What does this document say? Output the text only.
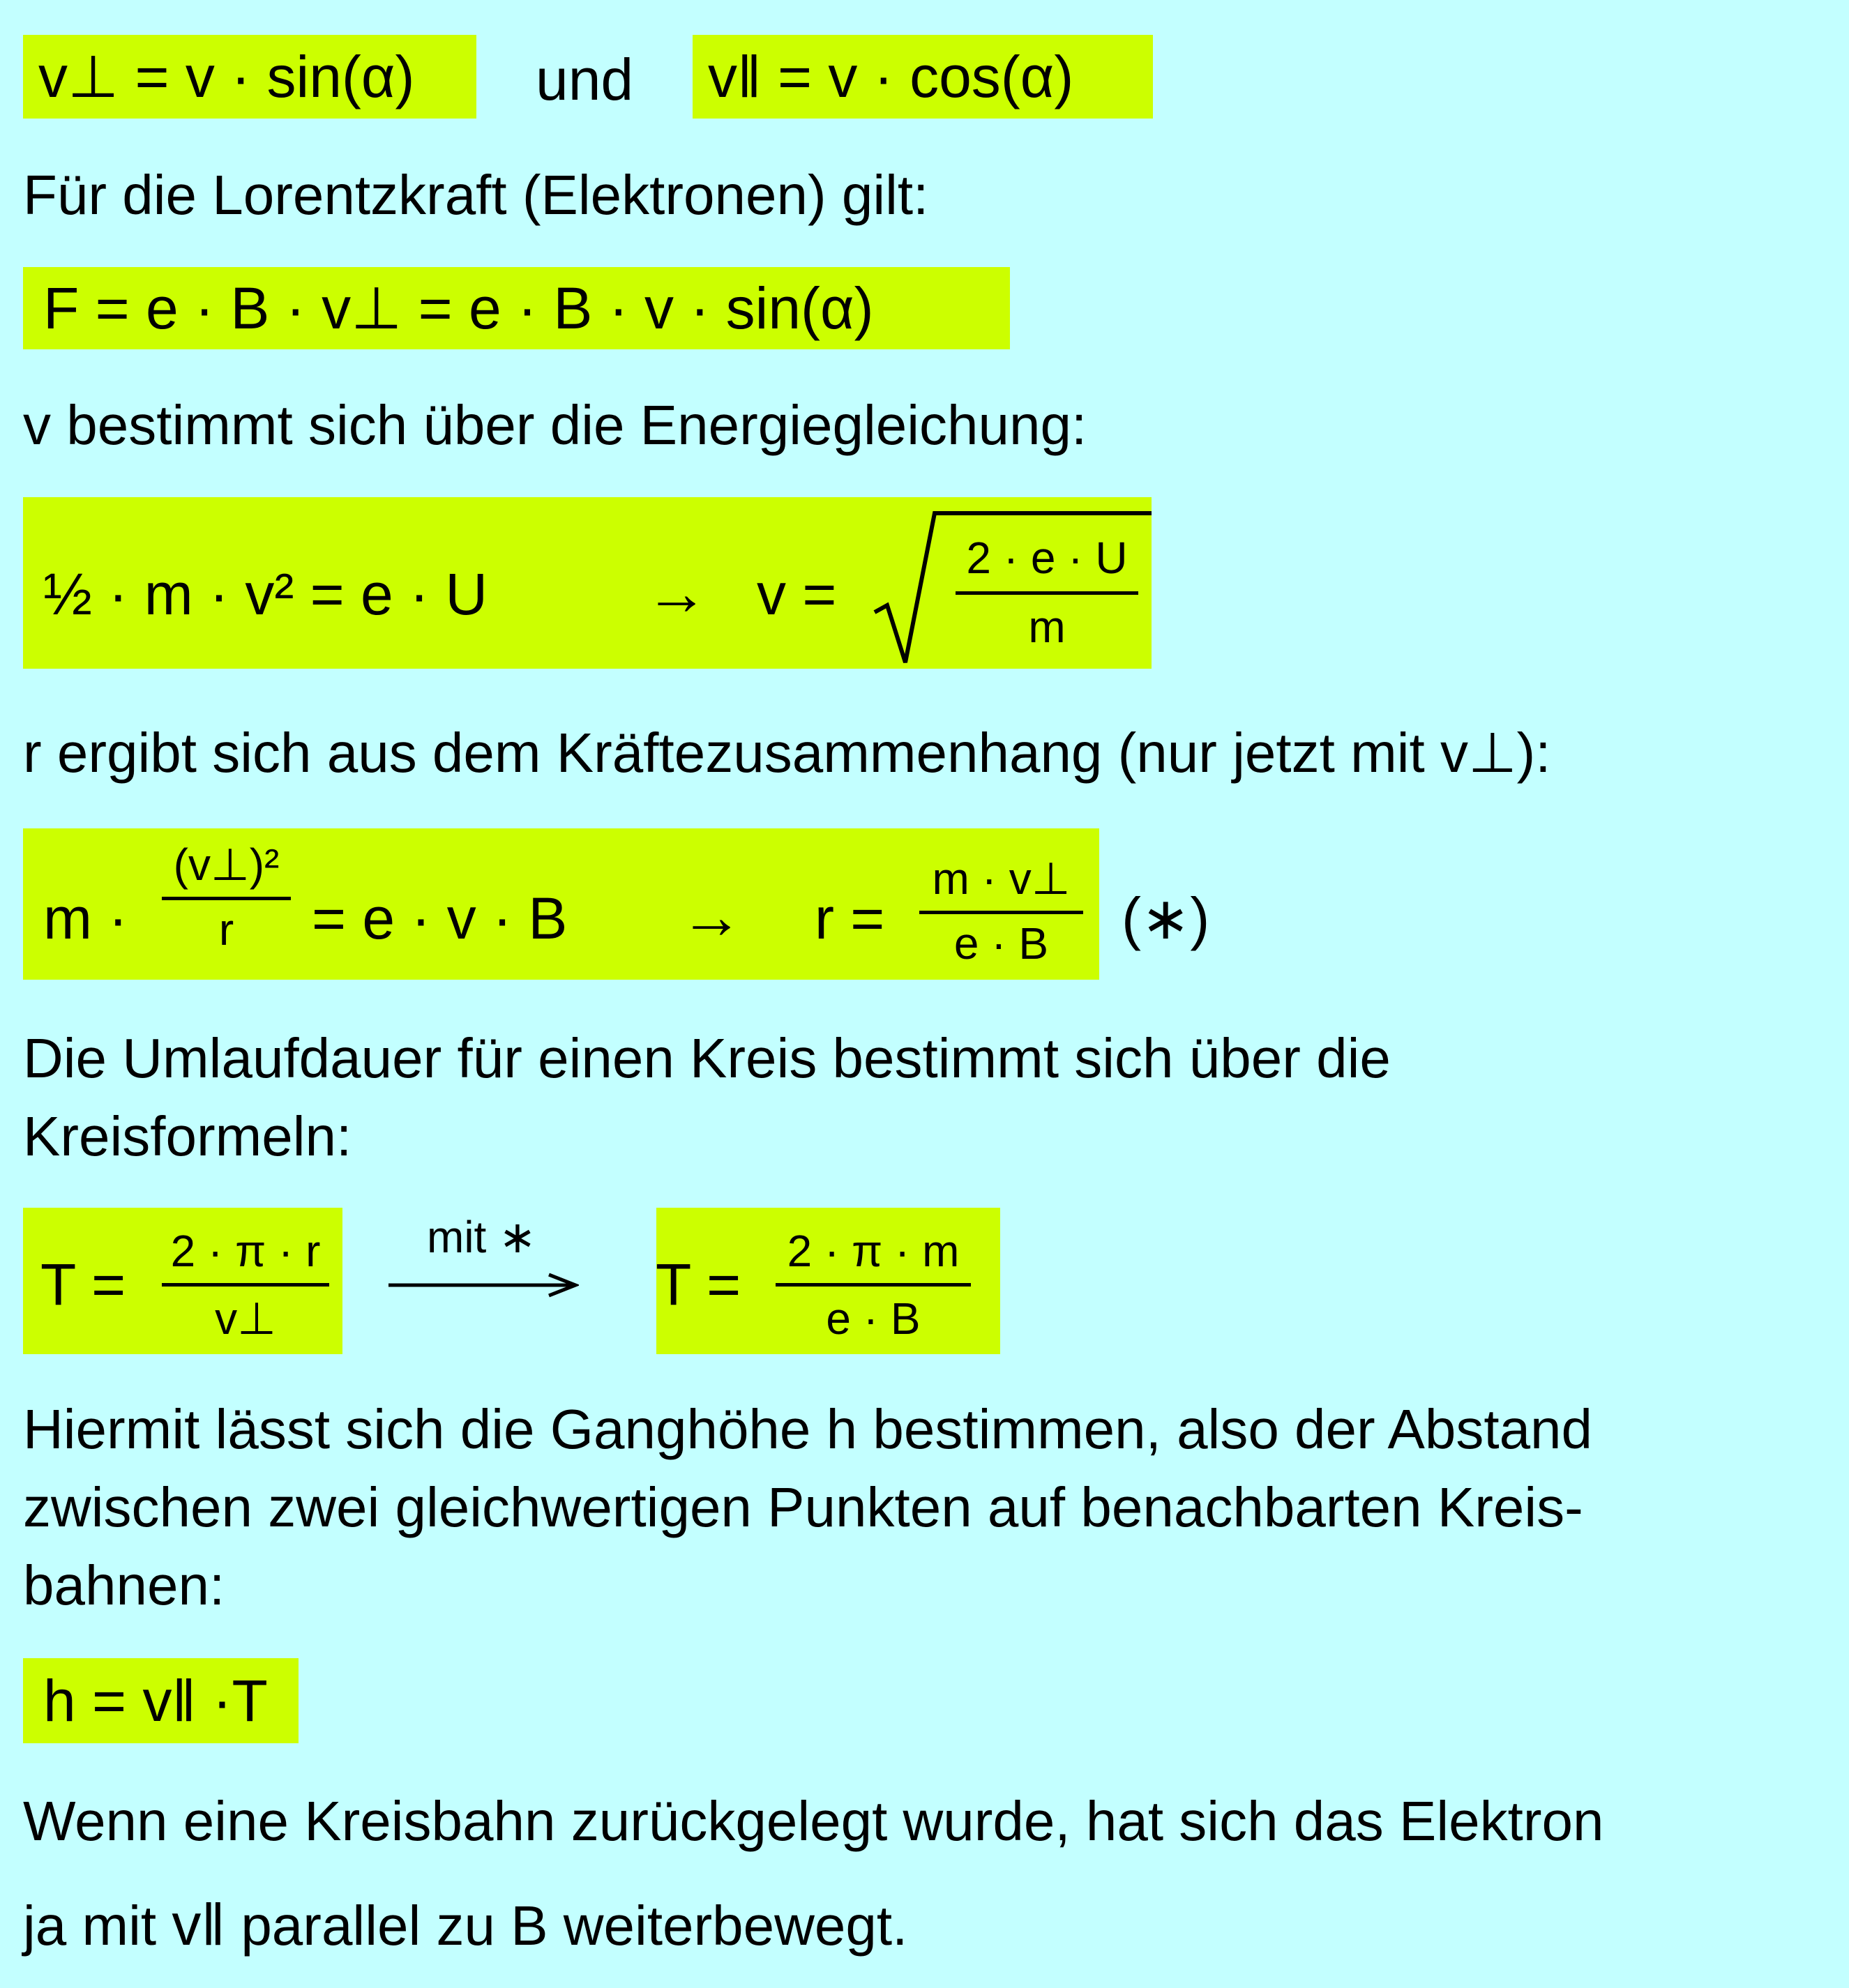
v⊥ = v · sin(α) und v‖ = v · cos(α)
Für die Lorentzkraft (Elektronen) gilt:
F = e · B · v⊥ = e · B · v · sin(α)
v bestimmt sich über die Energiegleichung:
½ · m · v² = e · U	→ v =
2 · e · U
m
r ergibt sich aus dem Kräftezusammenhang (nur jetzt mit v⊥):
m ·
(v⊥)²
r = e · v · B → r =
m · v⊥
e · B (∗)
Die Umlaufdauer für einen Kreis bestimmt sich über die
Kreisformeln:
T =
2 · π · r
v⊥
mit ∗
T =
2 · π · m
e · B
Hiermit lässt sich die Ganghöhe h bestimmen, also der Abstand
zwischen zwei gleichwertigen Punkten auf benachbarten Kreis-
bahnen:
h = v‖ ·T
Wenn eine Kreisbahn zurückgelegt wurde, hat sich das Elektron
ja mit v‖ parallel zu B weiterbewegt.
